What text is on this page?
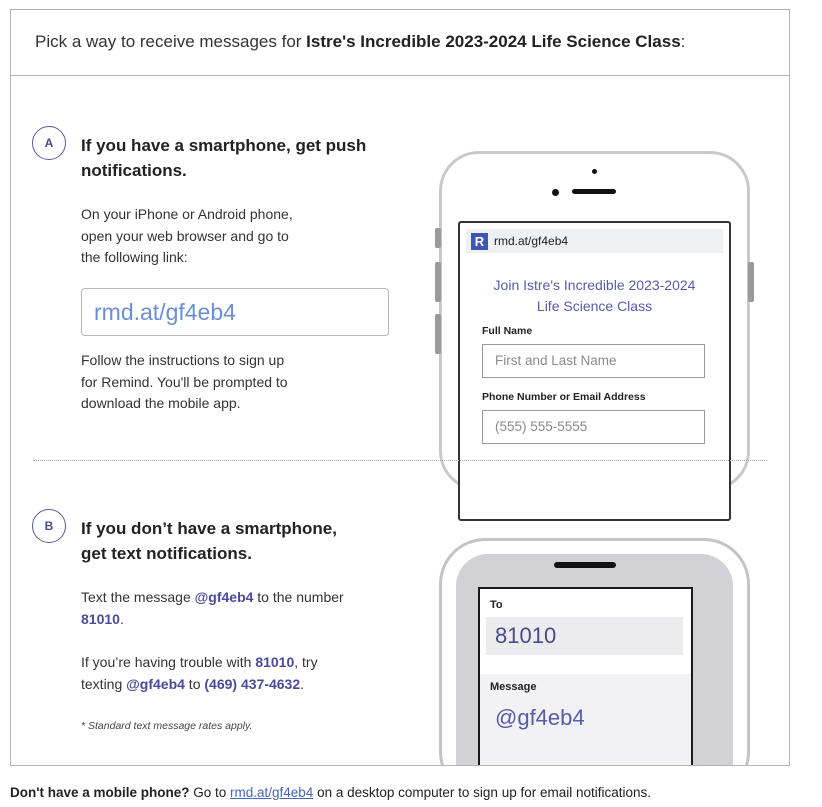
Pick a way to receive messages for Istre's Incredible 2023-2024 Life Science Class:
A	If you have a smartphone, get push
notifications.
On your iPhone or Android phone,
open your web browser and go to
the following link:
rmd.at/gf4eb4
Follow the instructions to sign up
for Remind. You'll be prompted to
download the mobile app.
R rmd.at/gf4eb4
Join Istre's Incredible 2023-2024
Life Science Class
Full Name
First and Last Name
Phone Number or Email Address
(555) 555-5555
B	If you don’t have a smartphone,
get text notifications.
Text the message @gf4eb4 to the number
81010.
If you’re having trouble with 81010, try
texting @gf4eb4 to (469) 437-4632.
* Standard text message rates apply.
To
81010
Message
@gf4eb4
Don't have a mobile phone? Go to rmd.at/gf4eb4 on a desktop computer to sign up for email notifications.
